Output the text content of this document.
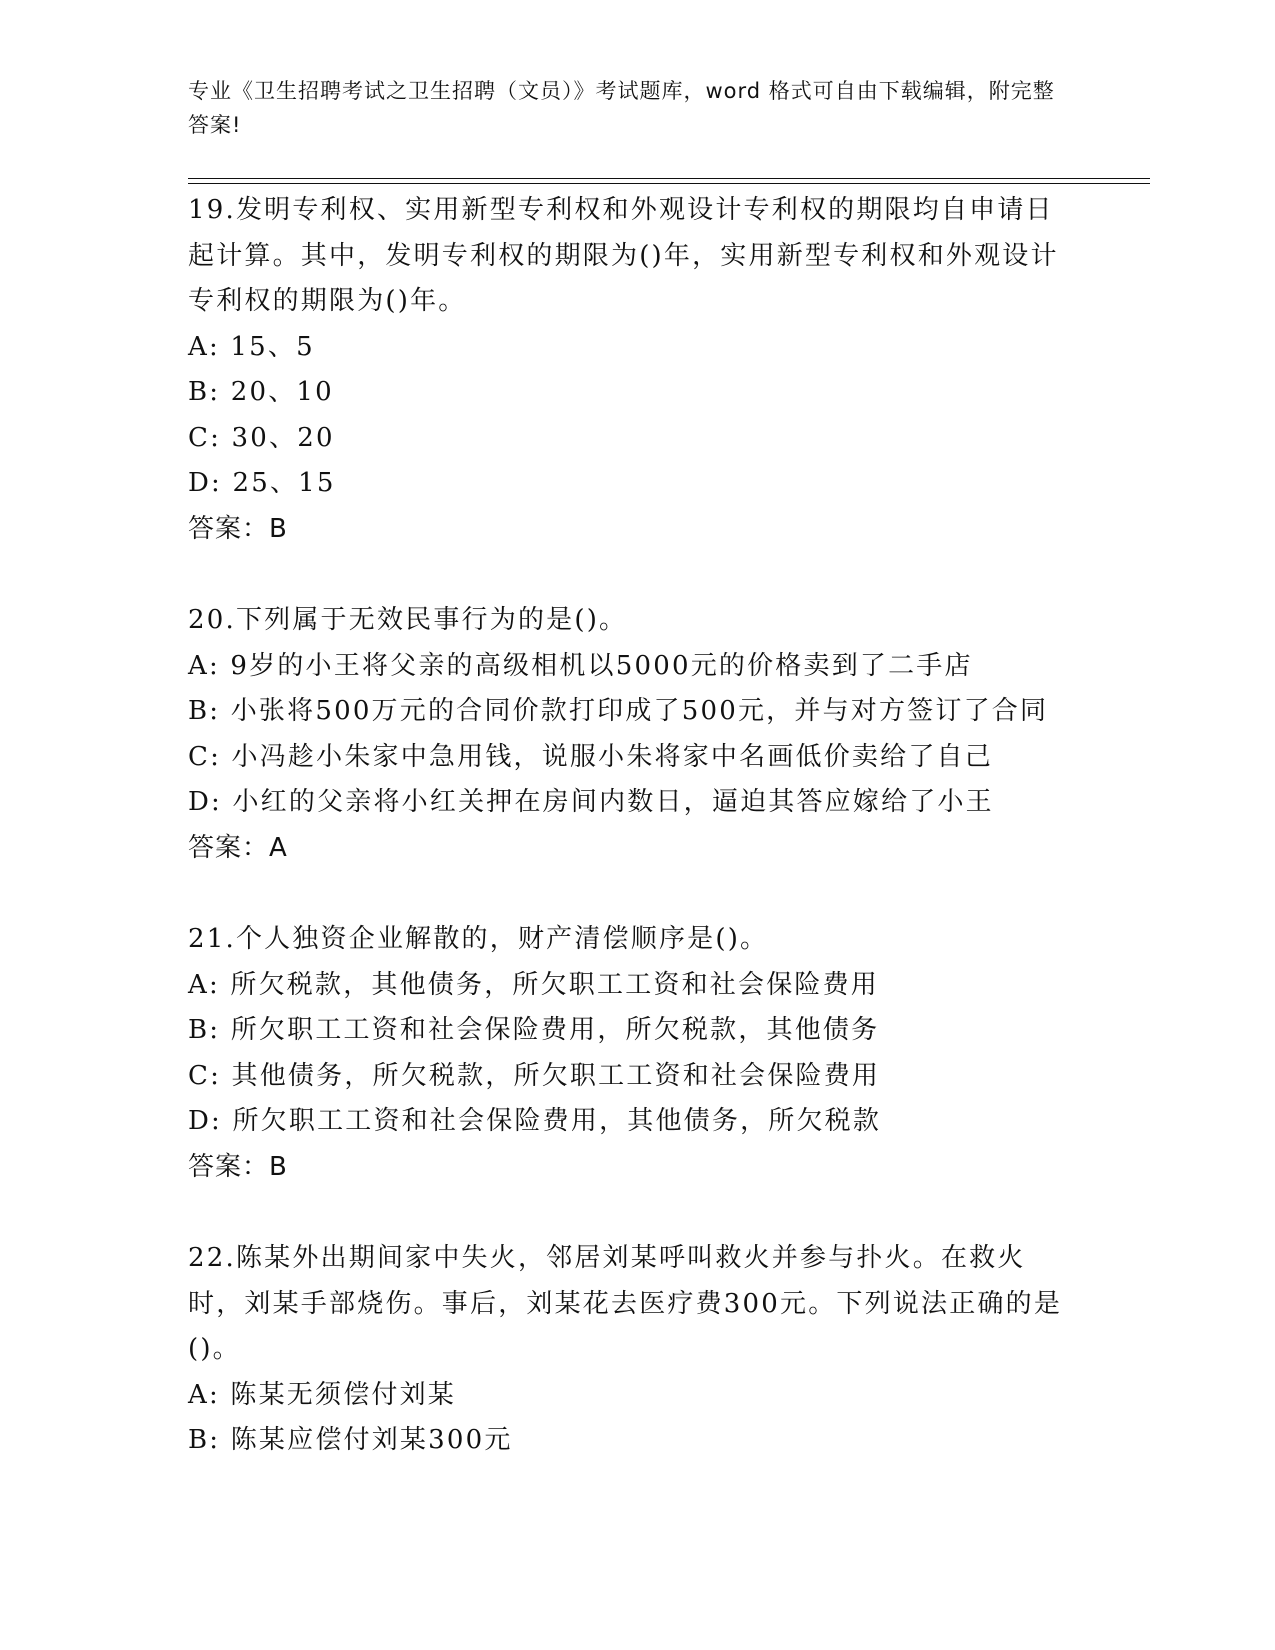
专业《卫生招聘考试之卫生招聘（文员）》考试题库，word 格式可自由下载编辑，附完整答案!

19.发明专利权、实用新型专利权和外观设计专利权的期限均自申请日起计算。其中，发明专利权的期限为()年，实用新型专利权和外观设计专利权的期限为()年。

A: 15、5

B: 20、10

C: 30、20

D: 25、15

答案：B

20.下列属于无效民事行为的是()。

A: 9岁的小王将父亲的高级相机以5000元的价格卖到了二手店

B: 小张将500万元的合同价款打印成了500元，并与对方签订了合同

C: 小冯趁小朱家中急用钱，说服小朱将家中名画低价卖给了自己

D: 小红的父亲将小红关押在房间内数日，逼迫其答应嫁给了小王

答案：A

21.个人独资企业解散的，财产清偿顺序是()。

A: 所欠税款，其他债务，所欠职工工资和社会保险费用

B: 所欠职工工资和社会保险费用，所欠税款，其他债务

C: 其他债务，所欠税款，所欠职工工资和社会保险费用

D: 所欠职工工资和社会保险费用，其他债务，所欠税款

答案：B

22.陈某外出期间家中失火，邻居刘某呼叫救火并参与扑火。在救火时，刘某手部烧伤。事后，刘某花去医疗费300元。下列说法正确的是()。

A: 陈某无须偿付刘某

B: 陈某应偿付刘某300元
